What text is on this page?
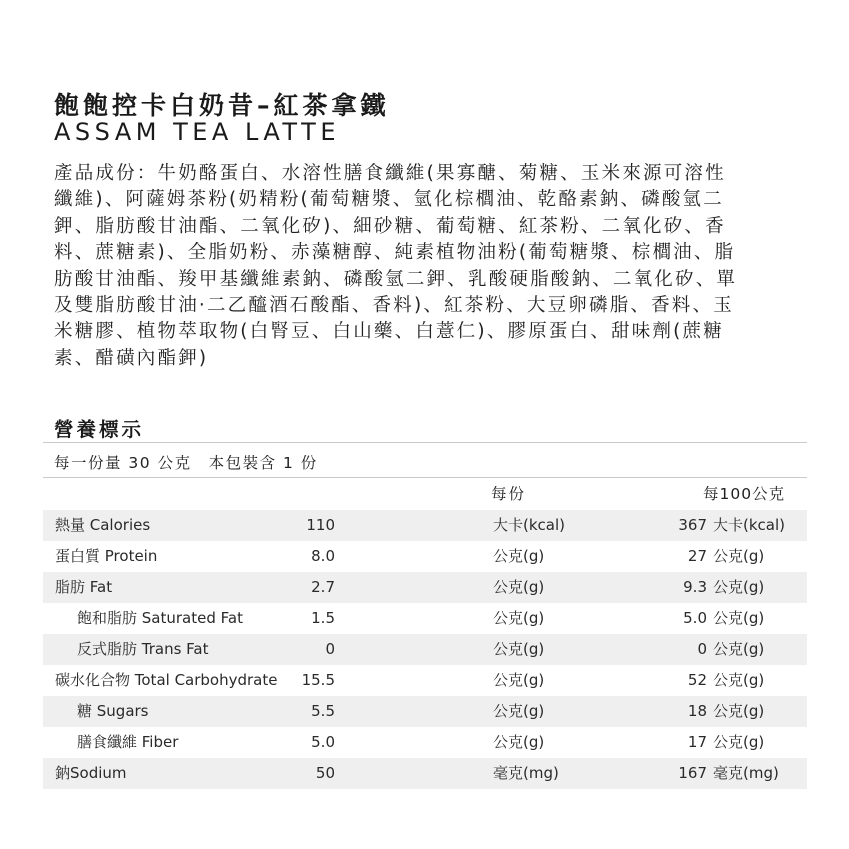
飽飽控卡白奶昔–紅茶拿鐵
ASSAM TEA LATTE
產品成份：牛奶酪蛋白、水溶性膳食纖維(果寡醣、菊糖、玉米來源可溶性
纖維)、阿薩姆茶粉(奶精粉(葡萄糖漿、氫化棕櫚油、乾酪素鈉、磷酸氫二
鉀、脂肪酸甘油酯、二氧化矽)、細砂糖、葡萄糖、紅茶粉、二氧化矽、香
料、蔗糖素)、全脂奶粉、赤藻糖醇、純素植物油粉(葡萄糖漿、棕櫚油、脂
肪酸甘油酯、羧甲基纖維素鈉、磷酸氫二鉀、乳酸硬脂酸鈉、二氧化矽、單
及雙脂肪酸甘油·二乙醯酒石酸酯、香料)、紅茶粉、大豆卵磷脂、香料、玉
米糖膠、植物萃取物(白腎豆、白山藥、白薏仁)、膠原蛋白、甜味劑(蔗糖
素、醋磺內酯鉀)
營養標示
每一份量 30 公克　本包裝含 1 份
每份	每100公克
熱量 Calories	110	大卡(kcal)	367 大卡(kcal)
蛋白質 Protein	8.0	公克(g)	27 公克(g)
脂肪 Fat	2.7	公克(g)	9.3 公克(g)
飽和脂肪 Saturated Fat	1.5	公克(g)	5.0 公克(g)
反式脂肪 Trans Fat	0	公克(g)	0 公克(g)
碳水化合物 Total Carbohydrate 15.5	公克(g)	52 公克(g)
糖 Sugars	5.5	公克(g)	18 公克(g)
膳食纖維 Fiber	5.0	公克(g)	17 公克(g)
鈉Sodium	50	毫克(mg)	167 毫克(mg)
